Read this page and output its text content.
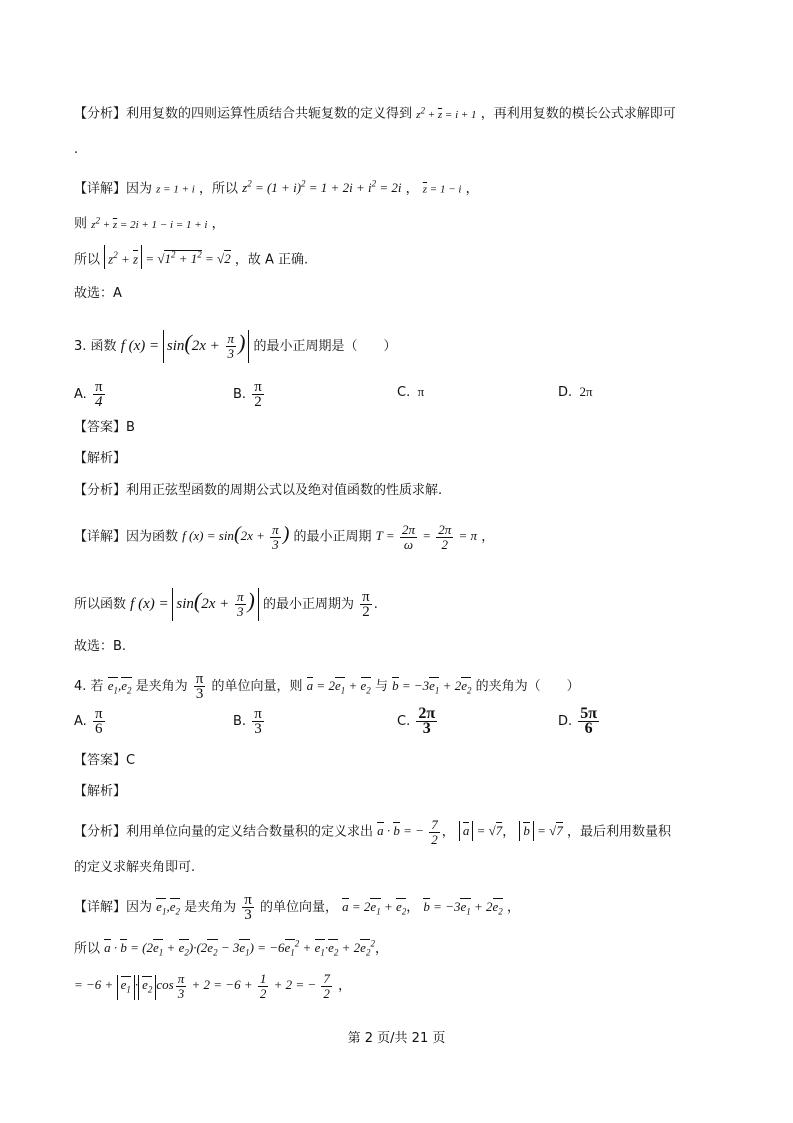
【分析】利用复数的四则运算性质结合共轭复数的定义得到 $z^2 + \overline{z} = i + 1$ ，再利用复数的模长公式求解即可
.
【详解】因为 z = 1 + i ，所以 $z^2 = (1 + i)^2 = 1 + 2i + i^2 = 2i$ ， $\overline{z} = 1 - i$ ，
则 $z^2 + \overline{z} = 2i + 1 - i = 1 + i$ ，
所以 $z^2 + \overline{z} = √1^2 + 1^2 = √2$ ，故 A 正确.
故选：A
3. 函数 f $(x) = \sin(2x + \frac{\pi}{3}$ ) 的最小正周期是（　　）
A. $\frac{\pi}{4}$	B. $\frac{\pi}{2}$	C.  π	D.  2π
【答案】B
【解析】
【分析】利用正弦型函数的周期公式以及绝对值函数的性质求解.
【详解】因为函数 f $(x) = \sin(2x + \frac{\pi}{3}$ ) 的最小正周期 $T = \frac{2\pi}{\omega} = \frac{2\pi}{2} = \pi$ ，
所以函数 f $(x) = \sin(2x + \frac{\pi}{3}$ ) 的最小正周期为 $\frac{\pi}{2}$ .
故选：B.
4. 若 $e_1,e_2$ 是夹角为 $\frac{\pi}{3}$ 的单位向量，则 $a = 2e_1 + e_2$ 与 $b = -3e_1 + 2e_2$ 的夹角为（　　）
A. $\frac{\pi}{6}$	B. $\frac{\pi}{3}$	C. $\frac{2\pi}{3}$	D. $\frac{5\pi}{6}$
【答案】C
【解析】
【分析】利用单位向量的定义结合数量积的定义求出 a · b = − $\frac{7}{2}$ ， a = √7， b = √7 ，最后利用数量积
的定义求解夹角即可.
【详解】因为 $e_1,e_2$ 是夹角为 $\frac{\pi}{3}$ 的单位向量， $a = 2e_1 + e_2$， $b = -3e_1 + 2e_2$ ，
所以 $a \cdot b = (2e_1 + e_2)\cdot(2e_2 - 3e_1) = -6e_1^2 + e_1\cdot e_2 + 2e_2^2$，
= $-6 + e_1 \cdot e_2$ $\cos \frac{\pi}{3} + 2 = -6 + \frac{1}{2} + 2$ = − $\frac{7}{2}$ ，
第 2 页/共 21 页
